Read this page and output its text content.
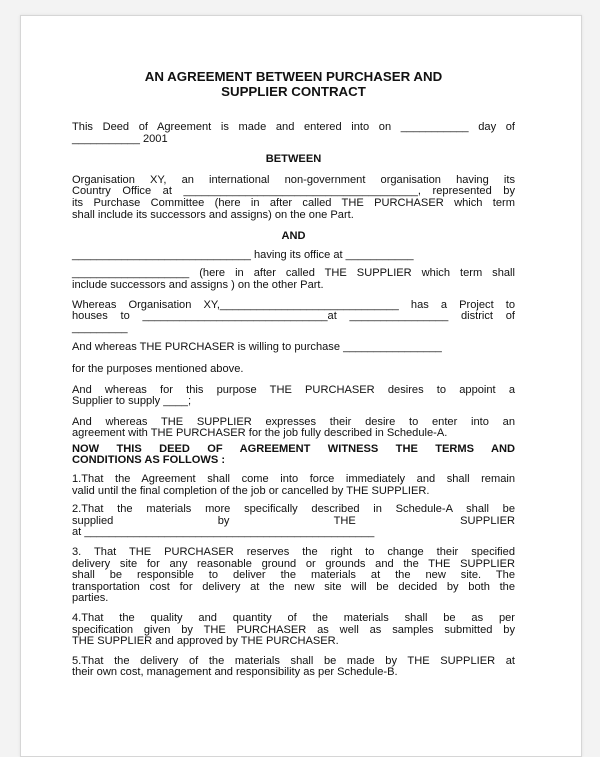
AN AGREEMENT BETWEEN PURCHASER AND
SUPPLIER CONTRACT
This Deed of Agreement is made and entered into on ___________ day of
___________ 2001
BETWEEN
Organisation XY, an international non-government organisation having its
Country Office at ______________________________________, represented by
its Purchase Committee (here in after called THE PURCHASER which term
shall include its successors and assigns) on the one Part.
AND
_____________________________ having its office at ___________
___________________ (here in after called THE SUPPLIER which term shall
include successors and assigns ) on the other Part.
Whereas Organisation XY,_____________________________ has a Project to
houses to ______________________________at ________________ district of
_________
And whereas THE PURCHASER is willing to purchase ________________
for the purposes mentioned above.
And whereas for this purpose THE PURCHASER desires to appoint a
Supplier to supply ____;
And whereas THE SUPPLIER expresses their desire to enter into an
agreement with THE PURCHASER for the job fully described in Schedule-A.
NOW THIS DEED OF AGREEMENT WITNESS THE TERMS AND
CONDITIONS AS FOLLOWS :
1.That the Agreement shall come into force immediately and shall remain
valid until the final completion of the job or cancelled by THE SUPPLIER.
2.That the materials more specifically described in Schedule-A shall be
supplied by THE SUPPLIER
at _______________________________________________
3. That THE PURCHASER reserves the right to change their specified
delivery site for any reasonable ground or grounds and the THE SUPPLIER
shall be responsible to deliver the materials at the new site. The
transportation cost for delivery at the new site will be decided by both the
parties.
4.That the quality and quantity of the materials shall be as per
specification given by THE PURCHASER as well as samples submitted by
THE SUPPLIER and approved by THE PURCHASER.
5.That the delivery of the materials shall be made by THE SUPPLIER at
their own cost, management and responsibility as per Schedule-B.
